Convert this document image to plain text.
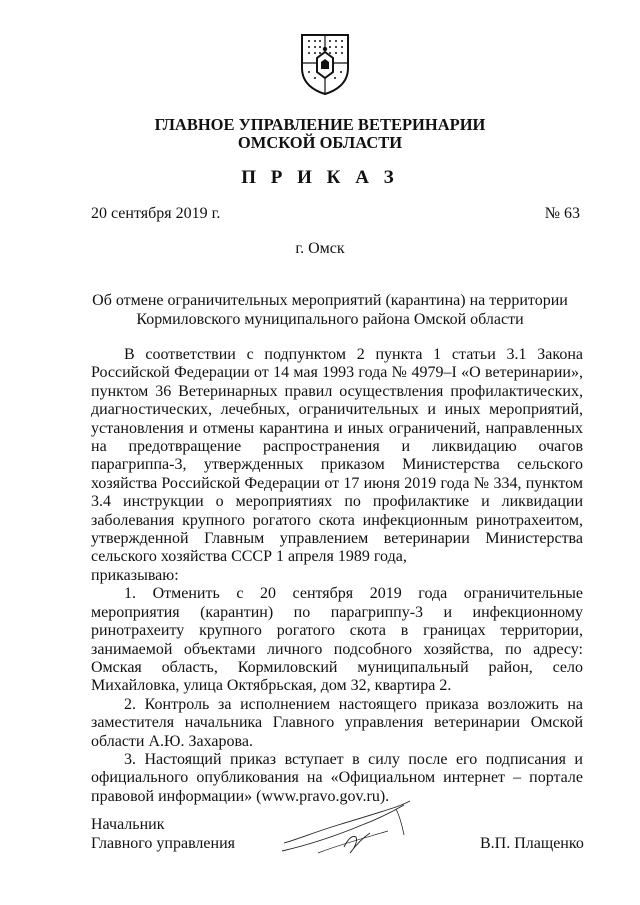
ГЛАВНОЕ УПРАВЛЕНИЕ ВЕТЕРИНАРИИ
ОМСКОЙ ОБЛАСТИ
П Р И К А З
20 сентября 2019 г.	№ 63
г. Омск
Об отмене ограничительных мероприятий (карантина) на территории
Кормиловского муниципального района Омской области

В соответствии с подпунктом 2 пункта 1 статьи 3.1 Закона Российской Федерации от 14 мая 1993 года № 4979–I «О ветеринарии», пунктом 36 Ветеринарных правил осуществления профилактических, диагностических, лечебных, ограничительных и иных мероприятий, установления и отмены карантина и иных ограничений, направленных на предотвращение распространения и ликвидацию очагов парагриппа-3, утвержденных приказом Министерства сельского хозяйства Российской Федерации от 17 июня 2019 года № 334, пунктом 3.4 инструкции о мероприятиях по профилактике и ликвидации заболевания крупного рогатого скота инфекционным ринотрахеитом, утвержденной Главным управлением ветеринарии Министерства сельского хозяйства СССР 1 апреля 1989 года,

приказываю:

1. Отменить с 20 сентября 2019 года ограничительные мероприятия (карантин) по парагриппу-3 и инфекционному ринотрахеиту крупного рогатого скота в границах территории, занимаемой объектами личного подсобного хозяйства, по адресу: Омская область, Кормиловский муниципальный район, село Михайловка, улица Октябрьская, дом 32, квартира 2.

2. Контроль за исполнением настоящего приказа возложить на заместителя начальника Главного управления ветеринарии Омской области А.Ю. Захарова.

3. Настоящий приказ вступает в силу после его подписания и официального опубликования на «Официальном интернет – портале правовой информации» (www.pravo.gov.ru).

Начальник
Главного управления	В.П. Плащенко
